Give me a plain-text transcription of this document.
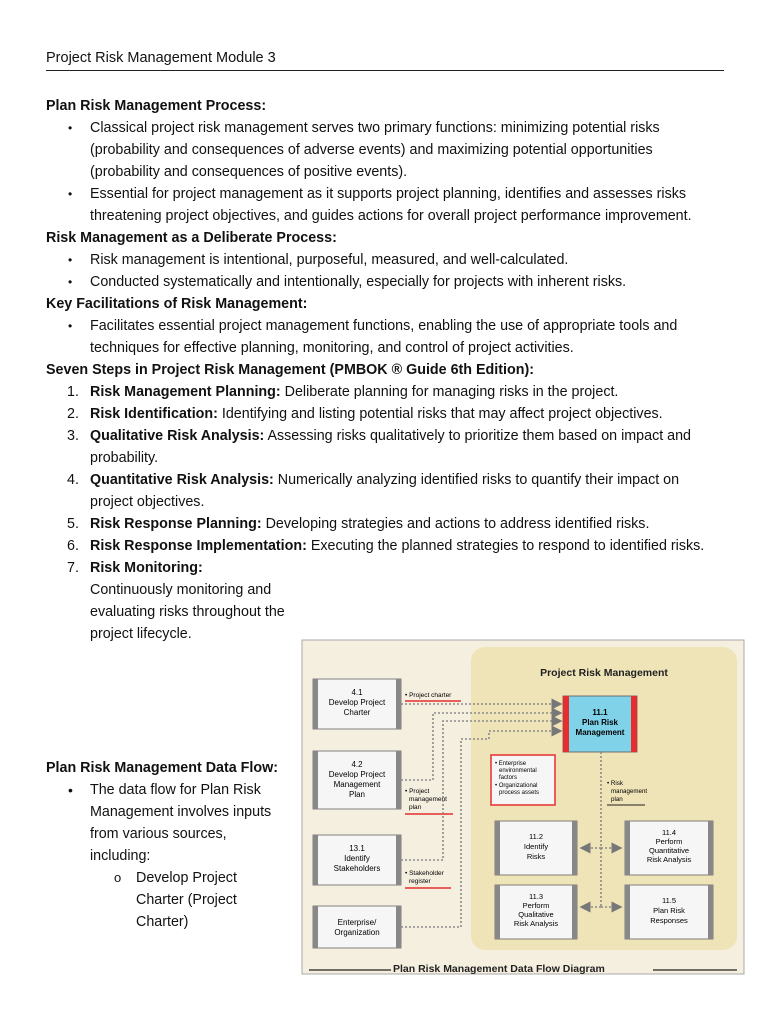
Project Risk Management Module 3
Plan Risk Management Process:
• Classical project risk management serves two primary functions: minimizing potential risks (probability and consequences of adverse events) and maximizing potential opportunities (probability and consequences of positive events).
• Essential for project management as it supports project planning, identifies and assesses risks threatening project objectives, and guides actions for overall project performance improvement.
Risk Management as a Deliberate Process:
• Risk management is intentional, purposeful, measured, and well-calculated.
• Conducted systematically and intentionally, especially for projects with inherent risks.
Key Facilitations of Risk Management:
• Facilitates essential project management functions, enabling the use of appropriate tools and techniques for effective planning, monitoring, and control of project activities.
Seven Steps in Project Risk Management (PMBOK ® Guide 6th Edition):
1. Risk Management Planning: Deliberate planning for managing risks in the project.
2. Risk Identification: Identifying and listing potential risks that may affect project objectives.
3. Qualitative Risk Analysis: Assessing risks qualitatively to prioritize them based on impact and probability.
4. Quantitative Risk Analysis: Numerically analyzing identified risks to quantify their impact on project objectives.
5. Risk Response Planning: Developing strategies and actions to address identified risks.
6. Risk Response Implementation: Executing the planned strategies to respond to identified risks.
7. Risk Monitoring:
Continuously monitoring and evaluating risks throughout the project lifecycle.
Plan Risk Management Data Flow:
• The data flow for Plan Risk Management involves inputs from various sources, including:
o Develop Project Charter (Project Charter)
Project Risk Management
4.1
Develop Project
Charter
4.2
Develop Project
Management
Plan
13.1
Identify
Stakeholders
Enterprise/
Organization
• Project charter
• Project
management
plan
• Stakeholder
register
• Enterprise
environmental
factors
• Organizational
process assets
11.1
Plan Risk
Management
• Risk
management
plan
11.2
Identify
Risks
11.4
Perform
Quantitative
Risk Analysis
11.3
Perform
Qualitative
Risk Analysis
11.5
Plan Risk
Responses
Plan Risk Management Data Flow Diagram
